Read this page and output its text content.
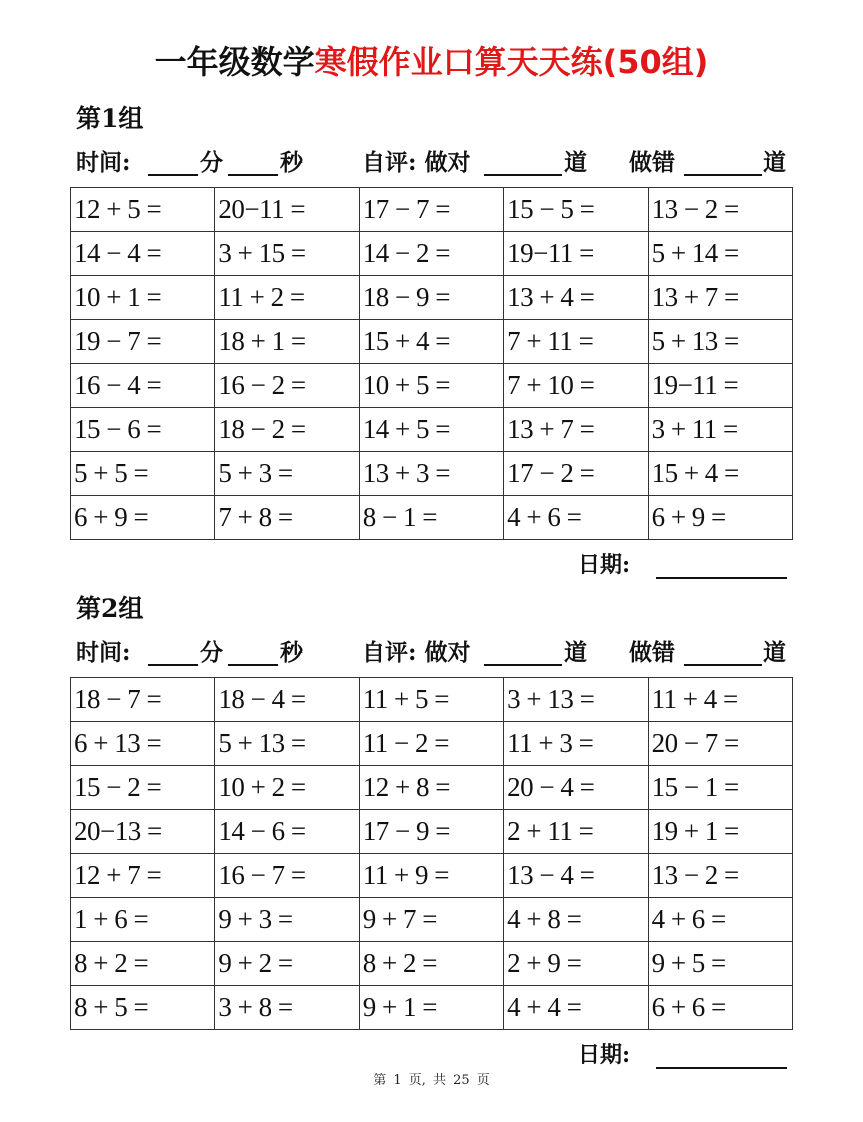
一年级数学寒假作业口算天天练(50组)
第1组
时间:	分 秒	自评: 做对	道 做错	道
12 + 5 =	20−11 =	17 − 7 =	15 − 5 =	13 − 2 =
14 − 4 =	3 + 15 =	14 − 2 =	19−11 =	5 + 14 =
10 + 1 =	11 + 2 =	18 − 9 =	13 + 4 =	13 + 7 =
19 − 7 =	18 + 1 =	15 + 4 =	7 + 11 =	5 + 13 =
16 − 4 =	16 − 2 =	10 + 5 =	7 + 10 =	19−11 =
15 − 6 =	18 − 2 =	14 + 5 =	13 + 7 =	3 + 11 =
5 + 5 =	5 + 3 =	13 + 3 =	17 − 2 =	15 + 4 =
6 + 9 =	7 + 8 =	8 − 1 =	4 + 6 =	6 + 9 =
日期:
第2组
时间:	分 秒	自评: 做对	道 做错	道
18 − 7 =	18 − 4 =	11 + 5 =	3 + 13 =	11 + 4 =
6 + 13 =	5 + 13 =	11 − 2 =	11 + 3 =	20 − 7 =
15 − 2 =	10 + 2 =	12 + 8 =	20 − 4 =	15 − 1 =
20−13 =	14 − 6 =	17 − 9 =	2 + 11 =	19 + 1 =
12 + 7 =	16 − 7 =	11 + 9 =	13 − 4 =	13 − 2 =
1 + 6 =	9 + 3 =	9 + 7 =	4 + 8 =	4 + 6 =
8 + 2 =	9 + 2 =	8 + 2 =	2 + 9 =	9 + 5 =
8 + 5 =	3 + 8 =	9 + 1 =	4 + 4 =	6 + 6 =
日期:
第 1 页, 共 25 页
